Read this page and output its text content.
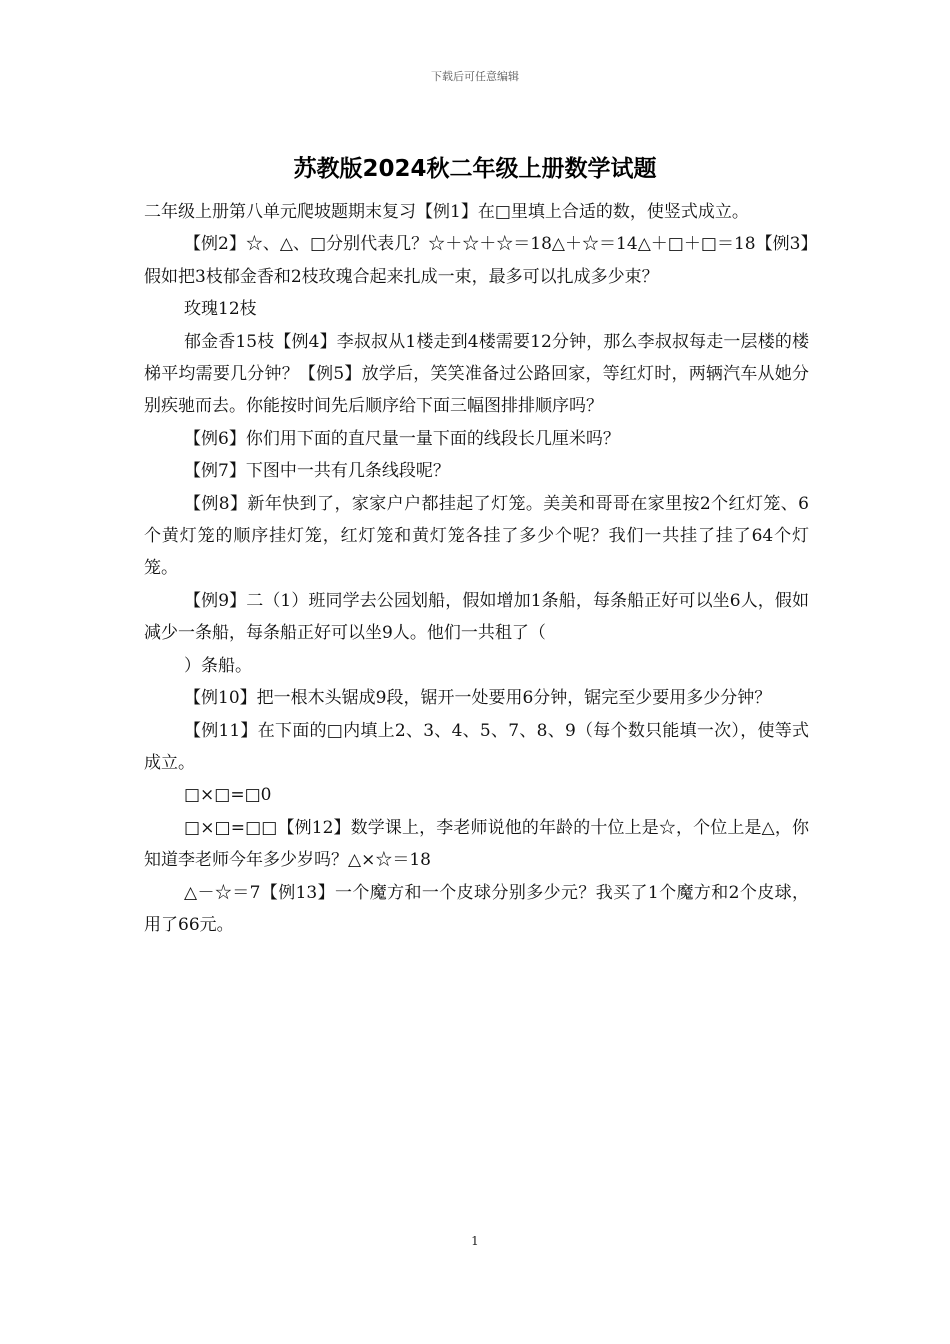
下载后可任意编辑
苏教版2024秋二年级上册数学试题

二年级上册第八单元爬坡题期末复习【例1】在□里填上合适的数，使竖式成立。

【例2】☆、△、□分别代表几？☆＋☆＋☆＝18△＋☆＝14△＋□＋□＝18【例3】假如把3枝郁金香和2枝玫瑰合起来扎成一束，最多可以扎成多少束？

玫瑰12枝

郁金香15枝【例4】李叔叔从1楼走到4楼需要12分钟，那么李叔叔每走一层楼的楼梯平均需要几分钟？【例5】放学后，笑笑准备过公路回家，等红灯时，两辆汽车从她分别疾驰而去。你能按时间先后顺序给下面三幅图排排顺序吗？

【例6】你们用下面的直尺量一量下面的线段长几厘米吗？

【例7】下图中一共有几条线段呢？

【例8】新年快到了，家家户户都挂起了灯笼。美美和哥哥在家里按2个红灯笼、6个黄灯笼的顺序挂灯笼，红灯笼和黄灯笼各挂了多少个呢？我们一共挂了挂了64个灯笼。

【例9】二（1）班同学去公园划船，假如增加1条船，每条船正好可以坐6人，假如减少一条船，每条船正好可以坐9人。他们一共租了（

）条船。

【例10】把一根木头锯成9段，锯开一处要用6分钟，锯完至少要用多少分钟？

【例11】在下面的□内填上2、3、4、5、7、8、9（每个数只能填一次），使等式成立。

□×□=□0

□×□=□□【例12】数学课上，李老师说他的年龄的十位上是☆，个位上是△，你知道李老师今年多少岁吗？△×☆＝18

△－☆＝7【例13】一个魔方和一个皮球分别多少元？我买了1个魔方和2个皮球，用了66元。

1
